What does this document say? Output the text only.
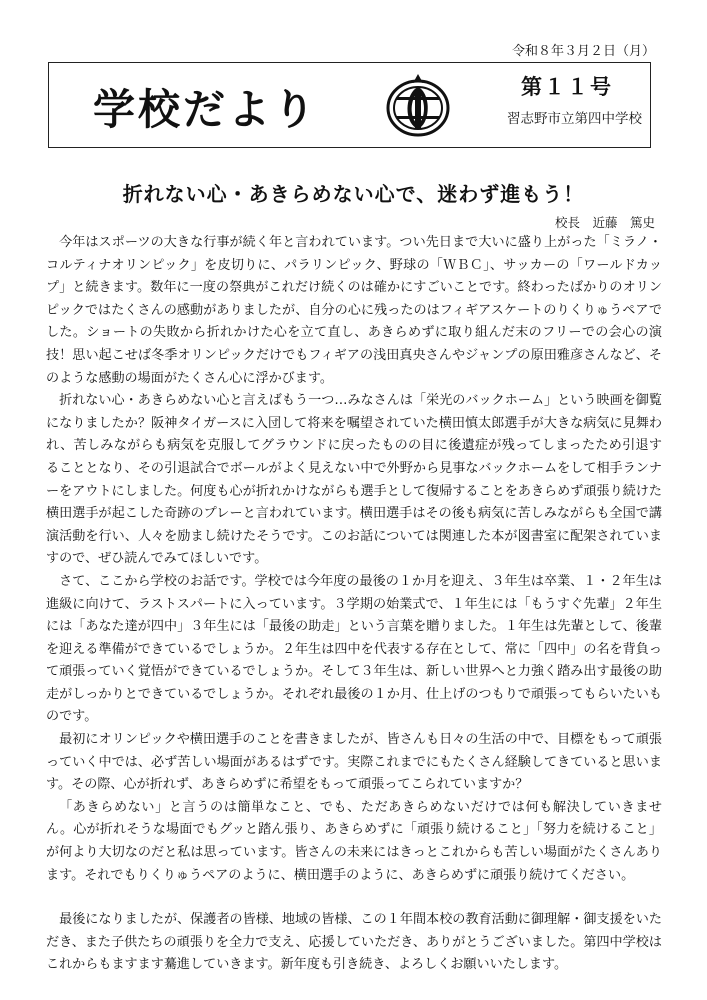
令和８年３月２日（月）
学校だより	第１１号
習志野市立第四中学校
折れない心・あきらめない心で、迷わず進もう！
校長　近藤　篤史

今年はスポーツの大きな行事が続く年と言われています。つい先日まで大いに盛り上がった「ミラノ・コルティナオリンピック」を皮切りに、パラリンピック、野球の「ＷＢＣ」、サッカーの「ワールドカップ」と続きます。数年に一度の祭典がこれだけ続くのは確かにすごいことです。終わったばかりのオリンピックではたくさんの感動がありましたが、自分の心に残ったのはフィギアスケートのりくりゅうペアでした。ショートの失敗から折れかけた心を立て直し、あきらめずに取り組んだ末のフリーでの会心の演技！思い起こせば冬季オリンピックだけでもフィギアの浅田真央さんやジャンプの原田雅彦さんなど、そのような感動の場面がたくさん心に浮かびます。

折れない心・あきらめない心と言えばもう一つ…みなさんは「栄光のバックホーム」という映画を御覧になりましたか？阪神タイガースに入団して将来を嘱望されていた横田慎太郎選手が大きな病気に見舞われ、苦しみながらも病気を克服してグラウンドに戻ったものの目に後遺症が残ってしまったため引退することとなり、その引退試合でボールがよく見えない中で外野から見事なバックホームをして相手ランナーをアウトにしました。何度も心が折れかけながらも選手として復帰することをあきらめず頑張り続けた横田選手が起こした奇跡のプレーと言われています。横田選手はその後も病気に苦しみながらも全国で講演活動を行い、人々を励まし続けたそうです。このお話については関連した本が図書室に配架されていますので、ぜひ読んでみてほしいです。

さて、ここから学校のお話です。学校では今年度の最後の１か月を迎え、３年生は卒業、１・２年生は進級に向けて、ラストスパートに入っています。３学期の始業式で、１年生には「もうすぐ先輩」２年生には「あなた達が四中」３年生には「最後の助走」という言葉を贈りました。１年生は先輩として、後輩を迎える準備ができているでしょうか。２年生は四中を代表する存在として、常に「四中」の名を背負って頑張っていく覚悟ができているでしょうか。そして３年生は、新しい世界へと力強く踏み出す最後の助走がしっかりとできているでしょうか。それぞれ最後の１か月、仕上げのつもりで頑張ってもらいたいものです。

最初にオリンピックや横田選手のことを書きましたが、皆さんも日々の生活の中で、目標をもって頑張っていく中では、必ず苦しい場面があるはずです。実際これまでにもたくさん経験してきていると思います。その際、心が折れず、あきらめずに希望をもって頑張ってこられていますか？

「あきらめない」と言うのは簡単なこと、でも、ただあきらめないだけでは何も解決していきません。心が折れそうな場面でもグッと踏ん張り、あきらめずに「頑張り続けること」「努力を続けること」が何より大切なのだと私は思っています。皆さんの未来にはきっとこれからも苦しい場面がたくさんあります。それでもりくりゅうペアのように、横田選手のように、あきらめずに頑張り続けてください。

最後になりましたが、保護者の皆様、地域の皆様、この１年間本校の教育活動に御理解・御支援をいただき、また子供たちの頑張りを全力で支え、応援していただき、ありがとうございました。第四中学校はこれからもますます驀進していきます。新年度も引き続き、よろしくお願いいたします。
